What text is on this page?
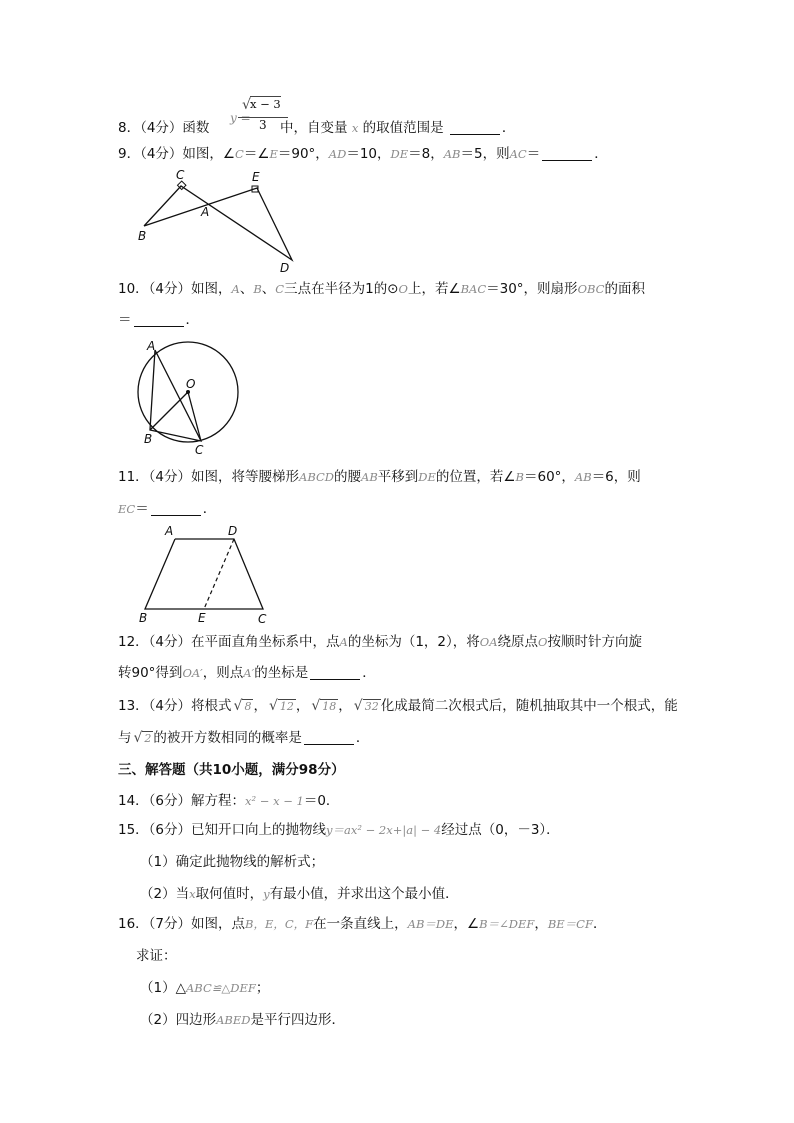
8．（4分）函数	中，自变量 x 的取值范围是	．
y =
√ x − 3
3
9．（4分）如图，∠C＝∠E＝90°，AD＝10，DE＝8，AB＝5，则AC＝	．
C	E
A
B
D
10．（4分）如图，A、B、C三点在半径为1的⊙O上，若∠BAC＝30°，则扇形OBC的面积
＝	．
A
O
B
C
11．（4分）如图，将等腰梯形ABCD的腰AB平移到DE的位置，若∠B＝60°，AB＝6，则
EC＝	．
A	D
B	E	C
12．（4分）在平面直角坐标系中，点A的坐标为（1，2），将OA绕原点O按顺时针方向旋
转90°得到OA′，则点A′的坐标是	．
13．（4分）将根式 √ 8 ， √ 12 ， √ 18 ， √ 32 化成最简二次根式后，随机抽取其中一个根式，能
与 √ 2 的被开方数相同的概率是	．
三、解答题（共10小题，满分98分）
14．（6分）解方程：x² − x − 1＝0．
15．（6分）已知开口向上的抛物线y＝ax² − 2x+|a| − 4经过点（0，－3）．
（1）确定此抛物线的解析式；
（2）当x取何值时，y有最小值，并求出这个最小值．
16．（7分）如图，点B，E，C，F在一条直线上，AB＝DE，∠B＝∠DEF，BE＝CF．
求证：
（1）△ABC≌△DEF；
（2）四边形ABED是平行四边形．
